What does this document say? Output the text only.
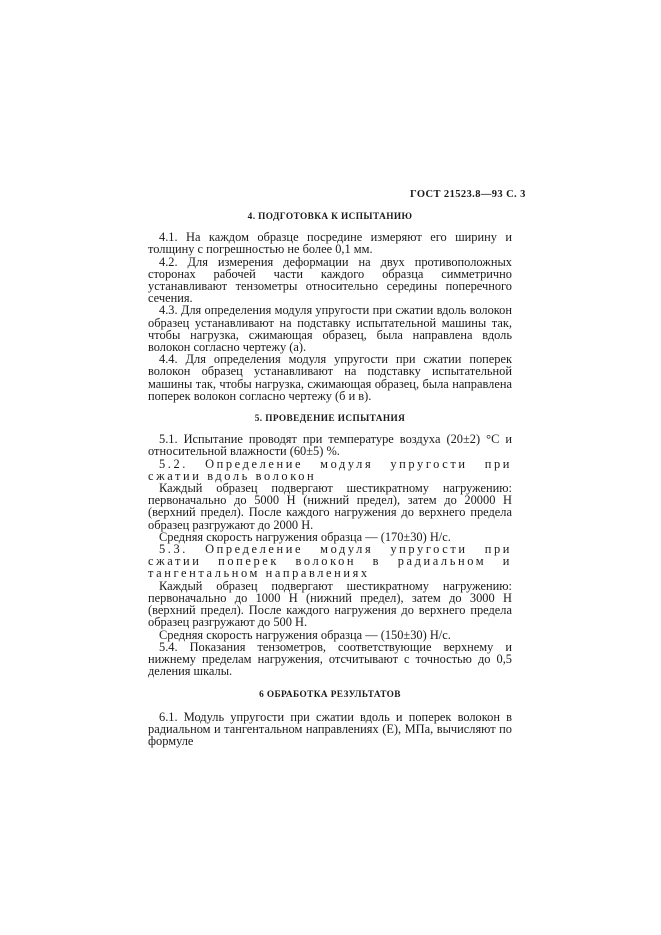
ГОСТ 21523.8—93 С. 3
4. ПОДГОТОВКА К ИСПЫТАНИЮ

4.1. На каждом образце посредине измеряют его ширину и толщину с погрешностью не более 0,1 мм.

4.2. Для измерения деформации на двух противоположных сторонах рабочей части каждого образца симметрично устанавливают тензометры относительно середины поперечного сечения.

4.3. Для определения модуля упругости при сжатии вдоль волокон образец устанавливают на подставку испытательной машины так, чтобы нагрузка, сжимающая образец, была направлена вдоль волокон согласно чертежу (а).

4.4. Для определения модуля упругости при сжатии поперек волокон образец устанавливают на подставку испытательной машины так, чтобы нагрузка, сжимающая образец, была направлена поперек волокон согласно чертежу (б и в).

5. ПРОВЕДЕНИЕ ИСПЫТАНИЯ

5.1. Испытание проводят при температуре воздуха (20±2) °С и относительной влажности (60±5) %.

5.2. Определение модуля упругости при сжатии вдоль волокон

Каждый образец подвергают шестикратному нагружению: первоначально до 5000 Н (нижний предел), затем до 20000 Н (верхний предел). После каждого нагружения до верхнего предела образец разгружают до 2000 Н.

Средняя скорость нагружения образца — (170±30) Н/с.

5.3. Определение модуля упругости при сжатии поперек волокон в радиальном и тангентальном направлениях

Каждый образец подвергают шестикратному нагружению: первоначально до 1000 Н (нижний предел), затем до 3000 Н (верхний предел). После каждого нагружения до верхнего предела образец разгружают до 500 Н.

Средняя скорость нагружения образца — (150±30) Н/с.

5.4. Показания тензометров, соответствующие верхнему и нижнему пределам нагружения, отсчитывают с точностью до 0,5 деления шкалы.

6 ОБРАБОТКА РЕЗУЛЬТАТОВ

6.1. Модуль упругости при сжатии вдоль и поперек волокон в радиальном и тангентальном направлениях (E), МПа, вычисляют по формуле
